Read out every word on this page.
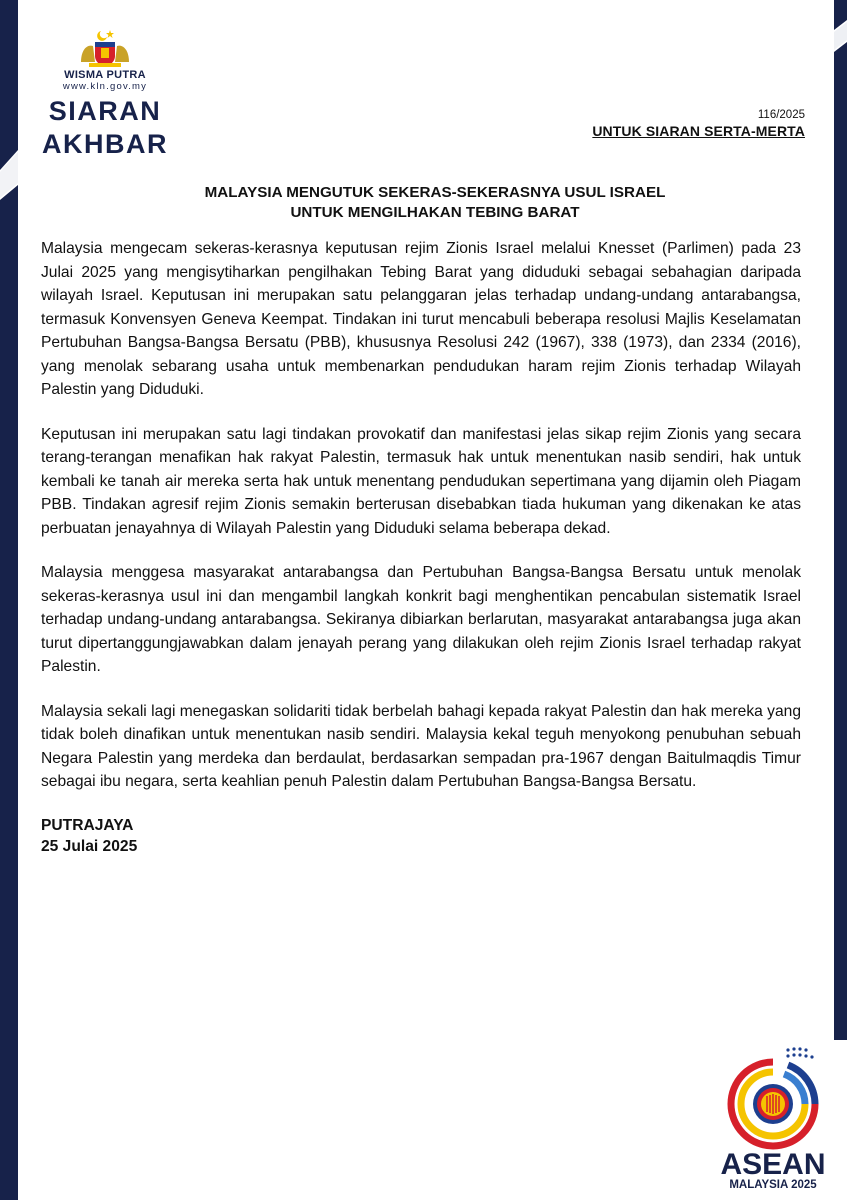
WISMA PUTRA
www.kln.gov.my
SIARAN
AKHBAR
116/2025
UNTUK SIARAN SERTA-MERTA
MALAYSIA MENGUTUK SEKERAS-SEKERASNYA USUL ISRAEL
UNTUK MENGILHAKAN TEBING BARAT

Malaysia mengecam sekeras-kerasnya keputusan rejim Zionis Israel melalui Knesset (Parlimen) pada 23 Julai 2025 yang mengisytiharkan pengilhakan Tebing Barat yang diduduki sebagai sebahagian daripada wilayah Israel. Keputusan ini merupakan satu pelanggaran jelas terhadap undang-undang antarabangsa, termasuk Konvensyen Geneva Keempat. Tindakan ini turut mencabuli beberapa resolusi Majlis Keselamatan Pertubuhan Bangsa-Bangsa Bersatu (PBB), khususnya Resolusi 242 (1967), 338 (1973), dan 2334 (2016), yang menolak sebarang usaha untuk membenarkan pendudukan haram rejim Zionis terhadap Wilayah Palestin yang Diduduki.

Keputusan ini merupakan satu lagi tindakan provokatif dan manifestasi jelas sikap rejim Zionis yang secara terang-terangan menafikan hak rakyat Palestin, termasuk hak untuk menentukan nasib sendiri, hak untuk kembali ke tanah air mereka serta hak untuk menentang pendudukan sepertimana yang dijamin oleh Piagam PBB. Tindakan agresif rejim Zionis semakin berterusan disebabkan tiada hukuman yang dikenakan ke atas perbuatan jenayahnya di Wilayah Palestin yang Diduduki selama beberapa dekad.

Malaysia menggesa masyarakat antarabangsa dan Pertubuhan Bangsa-Bangsa Bersatu untuk menolak sekeras-kerasnya usul ini dan mengambil langkah konkrit bagi menghentikan pencabulan sistematik Israel terhadap undang-undang antarabangsa. Sekiranya dibiarkan berlarutan, masyarakat antarabangsa juga akan turut dipertanggungjawabkan dalam jenayah perang yang dilakukan oleh rejim Zionis Israel terhadap rakyat Palestin.

Malaysia sekali lagi menegaskan solidariti tidak berbelah bahagi kepada rakyat Palestin dan hak mereka yang tidak boleh dinafikan untuk menentukan nasib sendiri. Malaysia kekal teguh menyokong penubuhan sebuah Negara Palestin yang merdeka dan berdaulat, berdasarkan sempadan pra-1967 dengan Baitulmaqdis Timur sebagai ibu negara, serta keahlian penuh Palestin dalam Pertubuhan Bangsa-Bangsa Bersatu.

PUTRAJAYA
25 Julai 2025
ASEAN
MALAYSIA 2025
